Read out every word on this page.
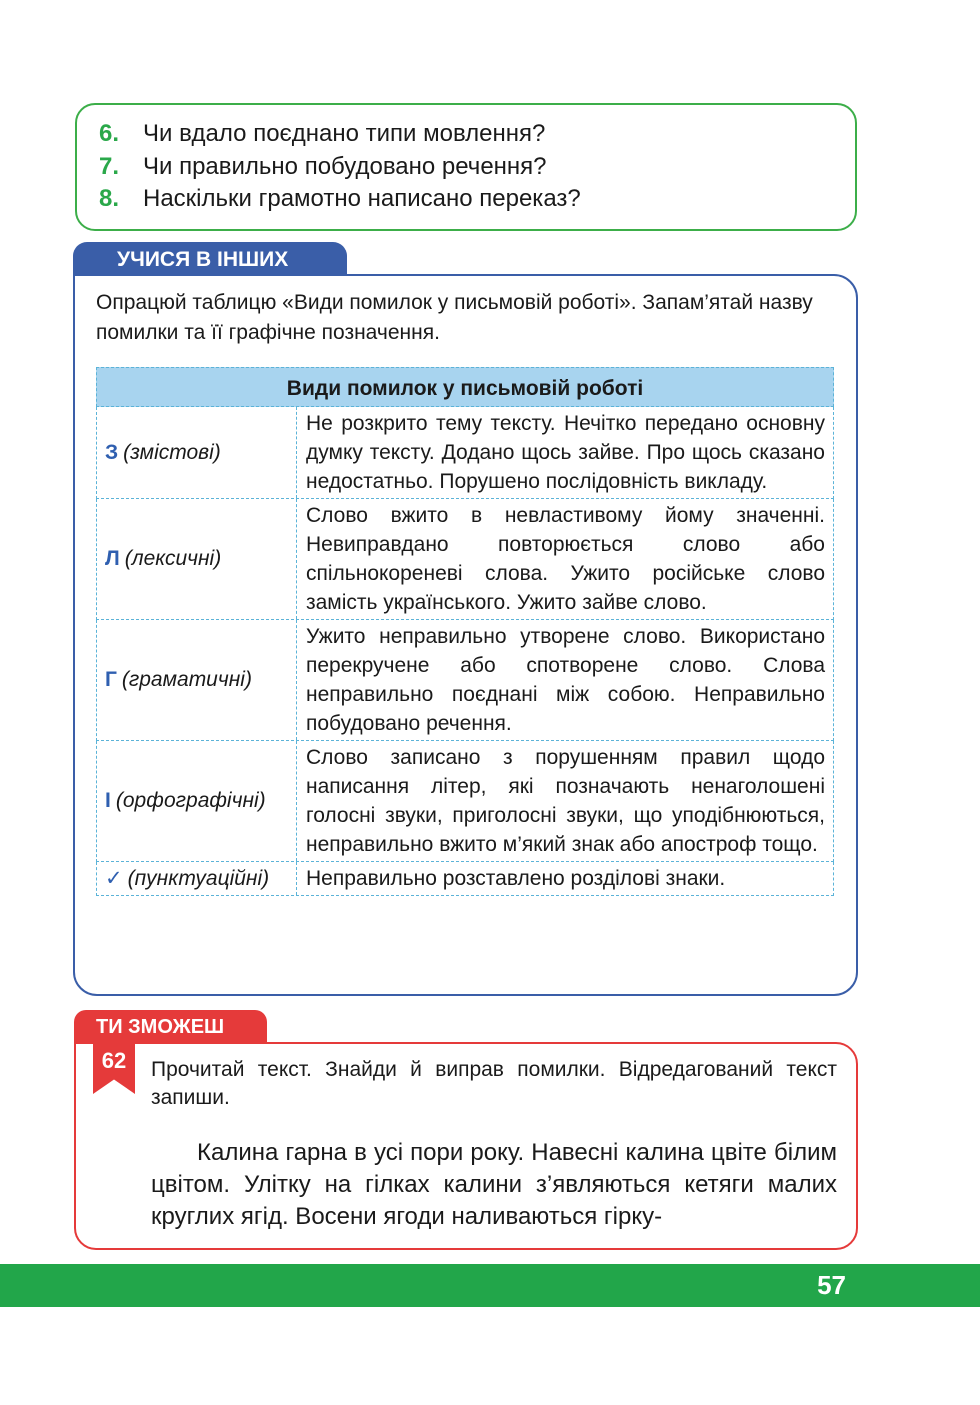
6. Чи вдало поєднано типи мовлення?
7. Чи правильно побудовано речення?
8. Наскільки грамотно написано переказ?
УЧИСЯ В ІНШИХ
Опрацюй таблицю «Види помилок у письмовій роботі». Запам’ятай назву помилки та її графічне позначення.
Види помилок у письмовій роботі
З (змістові)
Не розкрито тему тексту. Нечітко передано основну думку тексту. Додано щось зайве. Про щось сказано недостатньо. Порушено послідовність викладу.
Л (лексичні)
Слово вжито в невластивому йому значенні. Невиправдано повторюється слово або спільнокореневі слова. Ужито російське слово замість українського. Ужито зайве слово.
Г (граматичні)
Ужито неправильно утворене слово. Використано перекручене або спотворене слово. Слова неправильно поєднані між собою. Неправильно побудовано речення.
І (орфографічні)
Слово записано з порушенням правил щодо написання літер, які позначають ненаголошені голосні звуки, приголосні звуки, що уподібнюються, неправильно вжито м’який знак або апостроф тощо.
✓ (пунктуаційні)	Неправильно розставлено розділові знаки.
ТИ ЗМОЖЕШ
62	Прочитай текст. Знайди й виправ помилки. Відредагований текст запиши.
Калина гарна в усі пори року. Навесні калина цвіте білим цвітом. Улітку на гілках калини з’являються кетяги малих круглих ягід. Восени ягоди наливаються гірку-
57
